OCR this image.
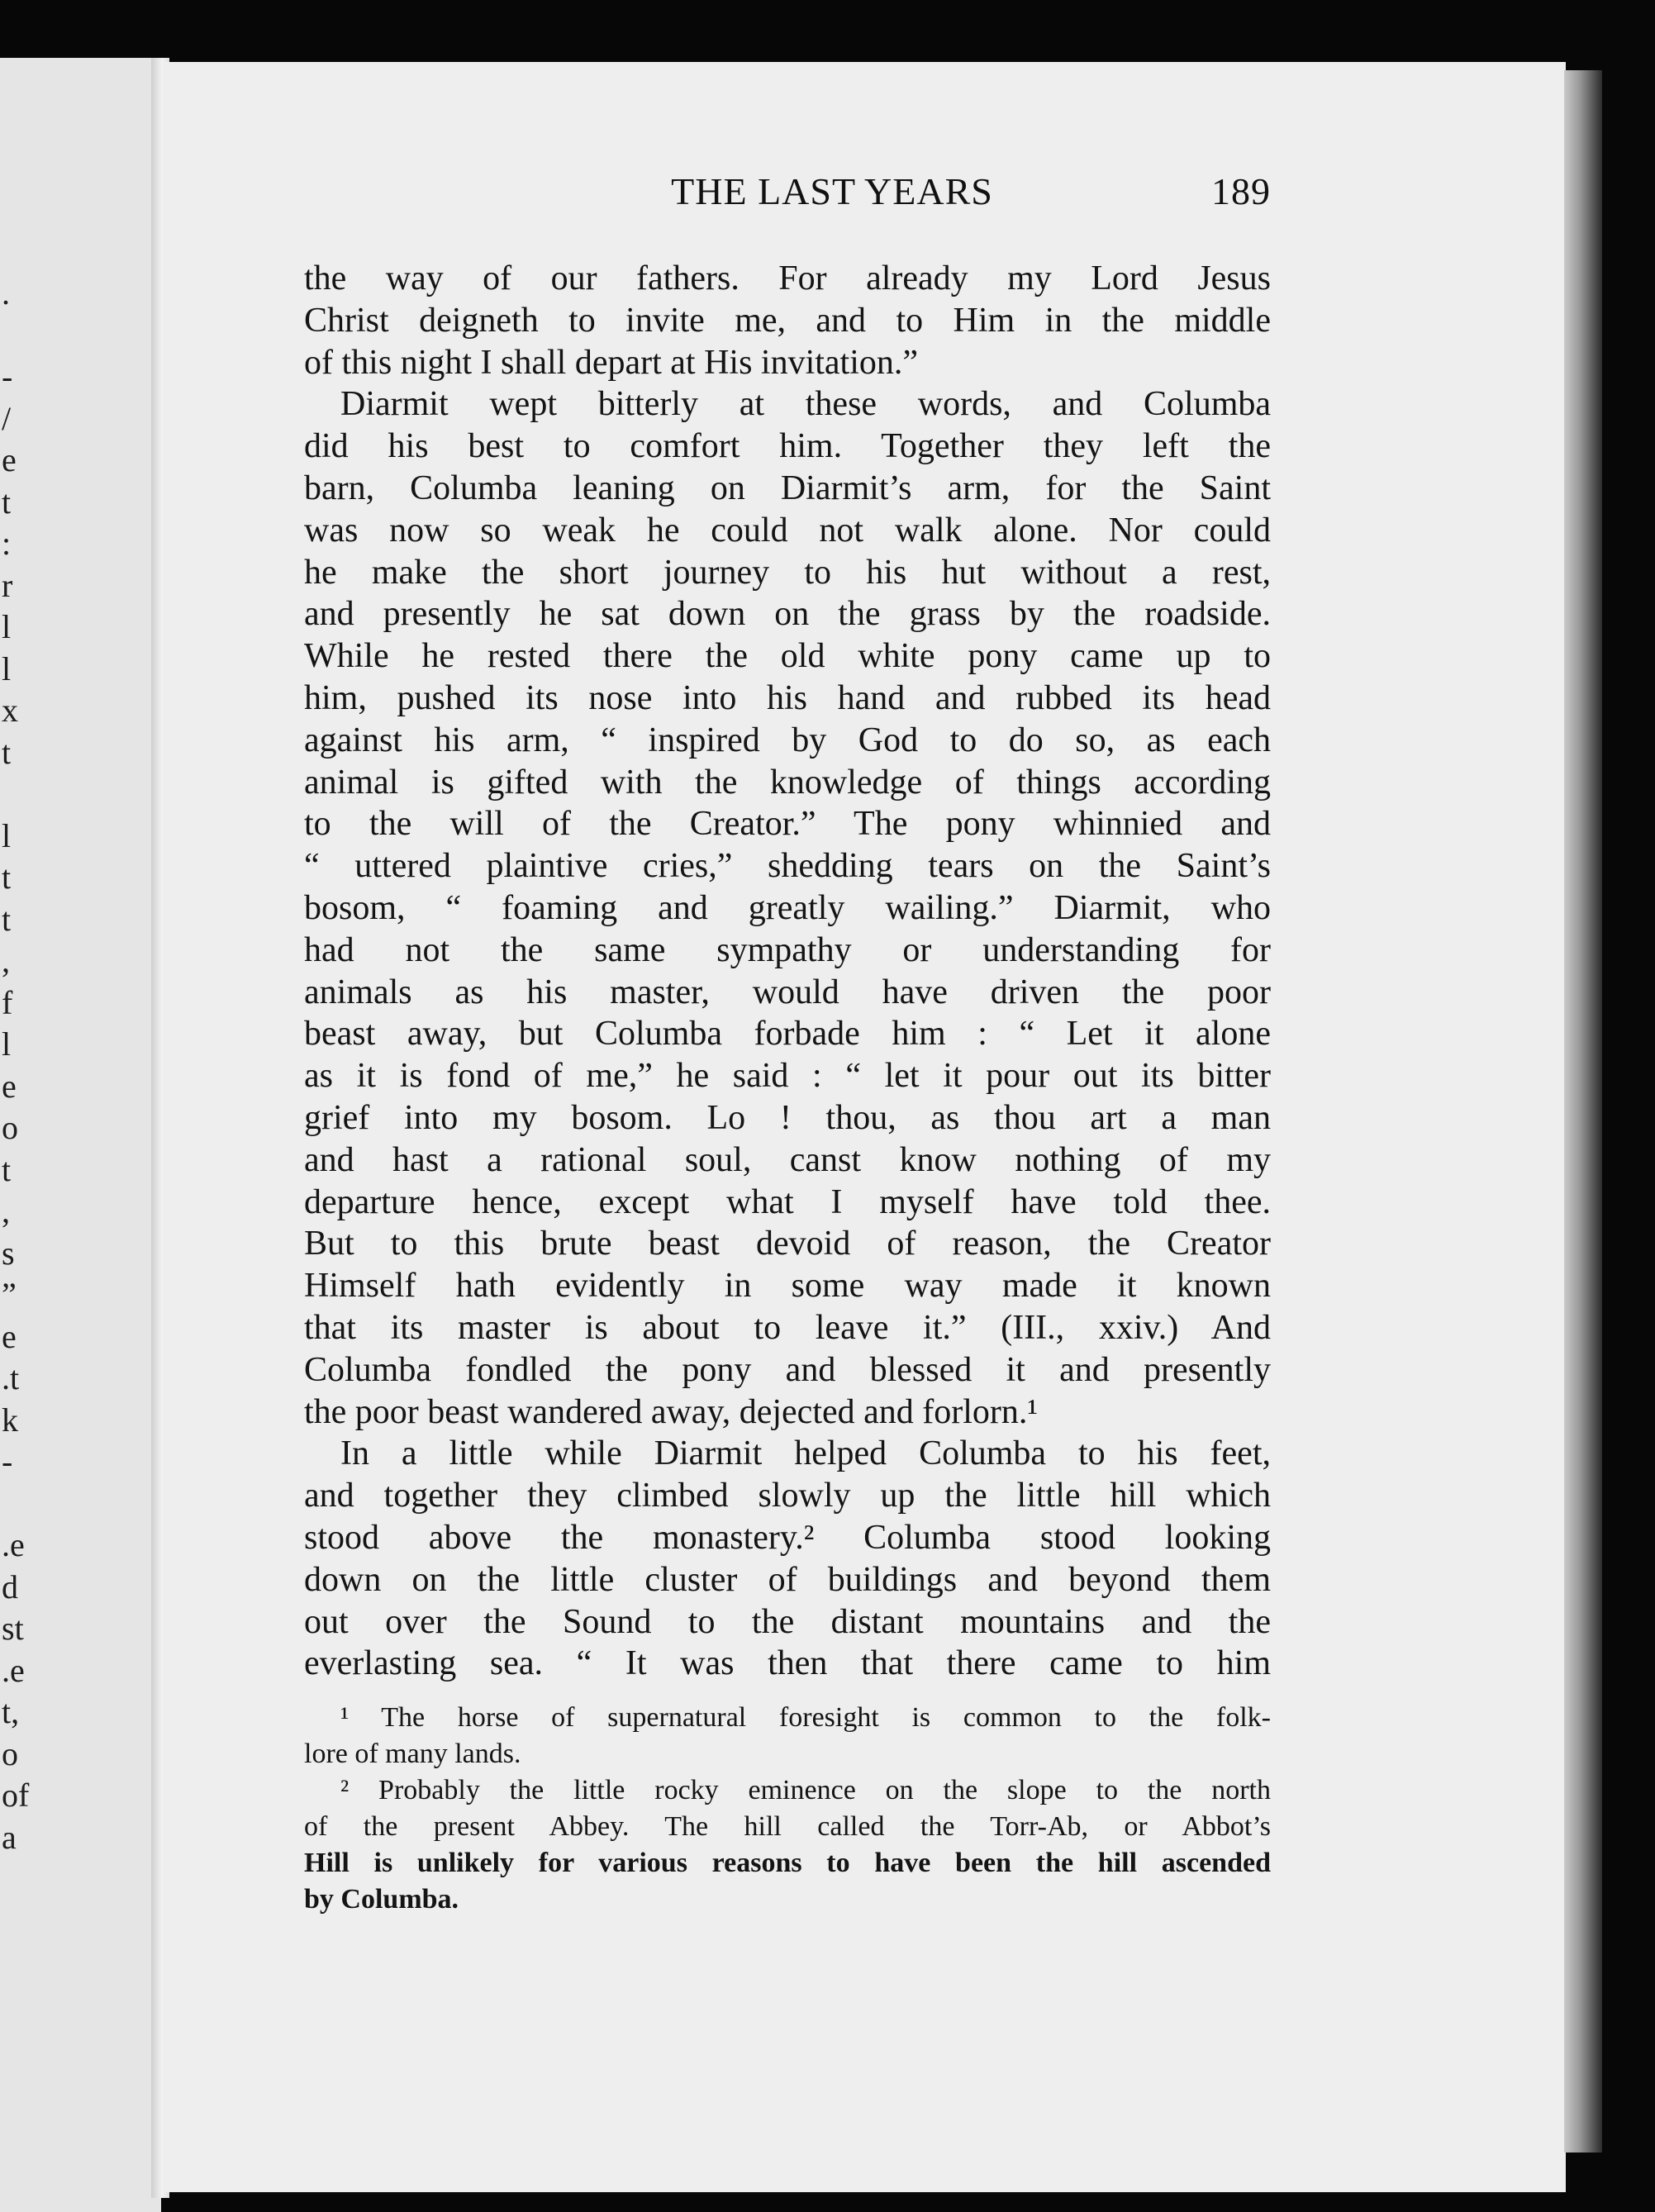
.

-
/
e
t
:
r
l
l
x
t

l
t
t
,
f
l
e
o
t
,
s
”
e
.t
k
-

.e
d
st
.e
t,
o
of
a
THE LAST YEARS	189
the way of our fathers. For already my Lord Jesus
Christ deigneth to invite me, and to Him in the middle
of this night I shall depart at His invitation.”
Diarmit wept bitterly at these words, and Columba
did his best to comfort him. Together they left the
barn, Columba leaning on Diarmit’s arm, for the Saint
was now so weak he could not walk alone. Nor could
he make the short journey to his hut without a rest,
and presently he sat down on the grass by the roadside.
While he rested there the old white pony came up to
him, pushed its nose into his hand and rubbed its head
against his arm, “ inspired by God to do so, as each
animal is gifted with the knowledge of things according
to the will of the Creator.” The pony whinnied and
“ uttered plaintive cries,” shedding tears on the Saint’s
bosom, “ foaming and greatly wailing.” Diarmit, who
had not the same sympathy or understanding for
animals as his master, would have driven the poor
beast away, but Columba forbade him : “ Let it alone
as it is fond of me,” he said : “ let it pour out its bitter
grief into my bosom. Lo ! thou, as thou art a man
and hast a rational soul, canst know nothing of my
departure hence, except what I myself have told thee.
But to this brute beast devoid of reason, the Creator
Himself hath evidently in some way made it known
that its master is about to leave it.” (III., xxiv.) And
Columba fondled the pony and blessed it and presently
the poor beast wandered away, dejected and forlorn.¹
In a little while Diarmit helped Columba to his feet,
and together they climbed slowly up the little hill which
stood above the monastery.² Columba stood looking
down on the little cluster of buildings and beyond them
out over the Sound to the distant mountains and the
everlasting sea. “ It was then that there came to him
¹ The horse of supernatural foresight is common to the folk-
lore of many lands.
² Probably the little rocky eminence on the slope to the north
of the present Abbey. The hill called the Torr-Ab, or Abbot’s
Hill is unlikely for various reasons to have been the hill ascended
by Columba.
